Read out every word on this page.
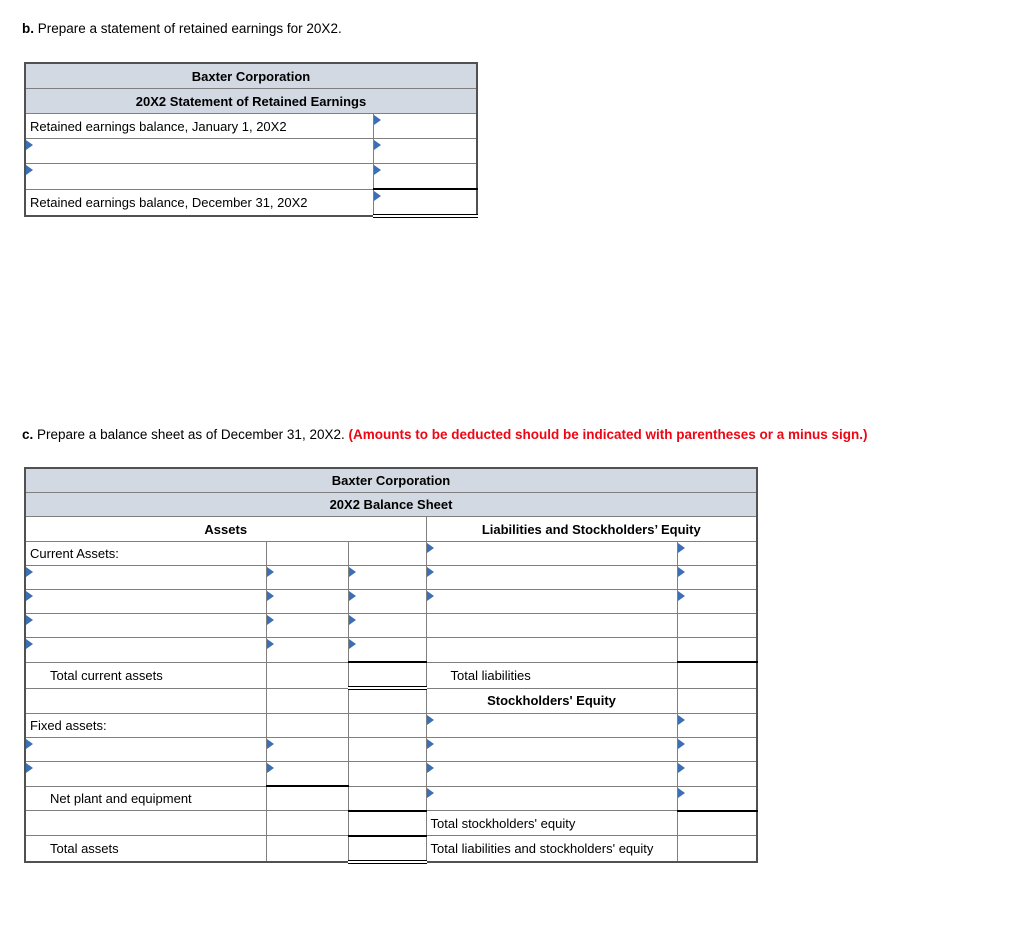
b. Prepare a statement of retained earnings for 20X2.
Baxter Corporation	
20X2 Statement of Retained Earnings	
Retained earnings balance, January 1, 20X2	

Retained earnings balance, December 31, 20X2	
c. Prepare a balance sheet as of December 31, 20X2. (Amounts to be deducted should be indicated with parentheses or a minus sign.)
Baxter Corporation				
20X2 Balance Sheet				
Assets			Liabilities and Stockholders’ Equity	
Current Assets:			

Total current assets			Total liabilities	
			Stockholders' Equity	
Fixed assets:			

Net plant and equipment			

			Total stockholders' equity	
Total assets			Total liabilities and stockholders' equity	
